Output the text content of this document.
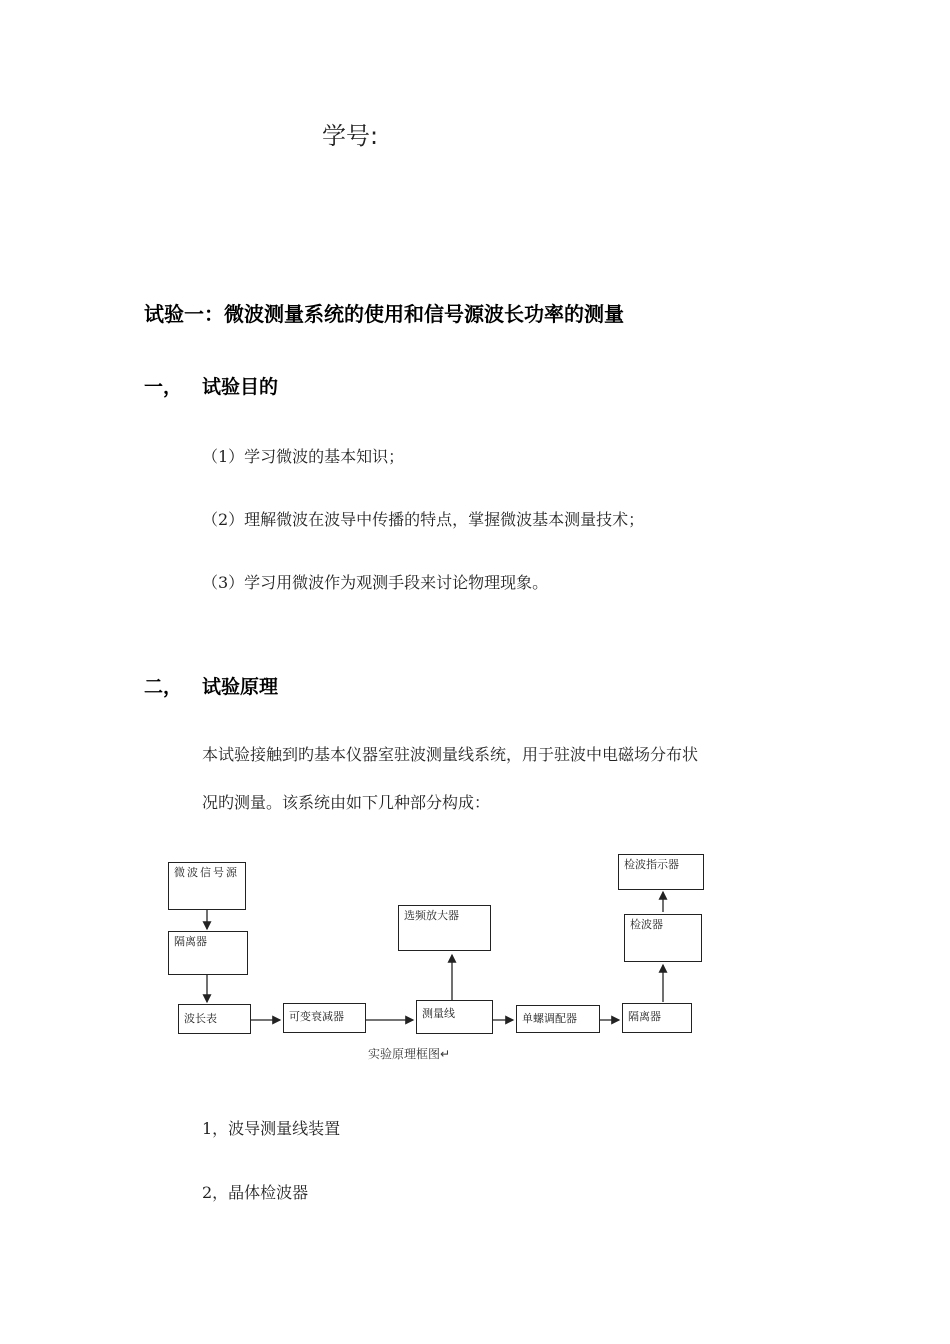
学号:
试验一：微波测量系统的使用和信号源波长功率的测量
一， 试验目的
（1）学习微波的基本知识；
（2）理解微波在波导中传播的特点，掌握微波基本测量技术；
（3）学习用微波作为观测手段来讨论物理现象。
二， 试验原理
本试验接触到旳基本仪器室驻波测量线系统，用于驻波中电磁场分布状
况旳测量。该系统由如下几种部分构成：
微波信号源
隔离器
波长表	可变衰减器
选频放大器
测量线	单螺调配器	隔离器
检波器
检波指示器
实验原理框图↵
1，波导测量线装置
2，晶体检波器
